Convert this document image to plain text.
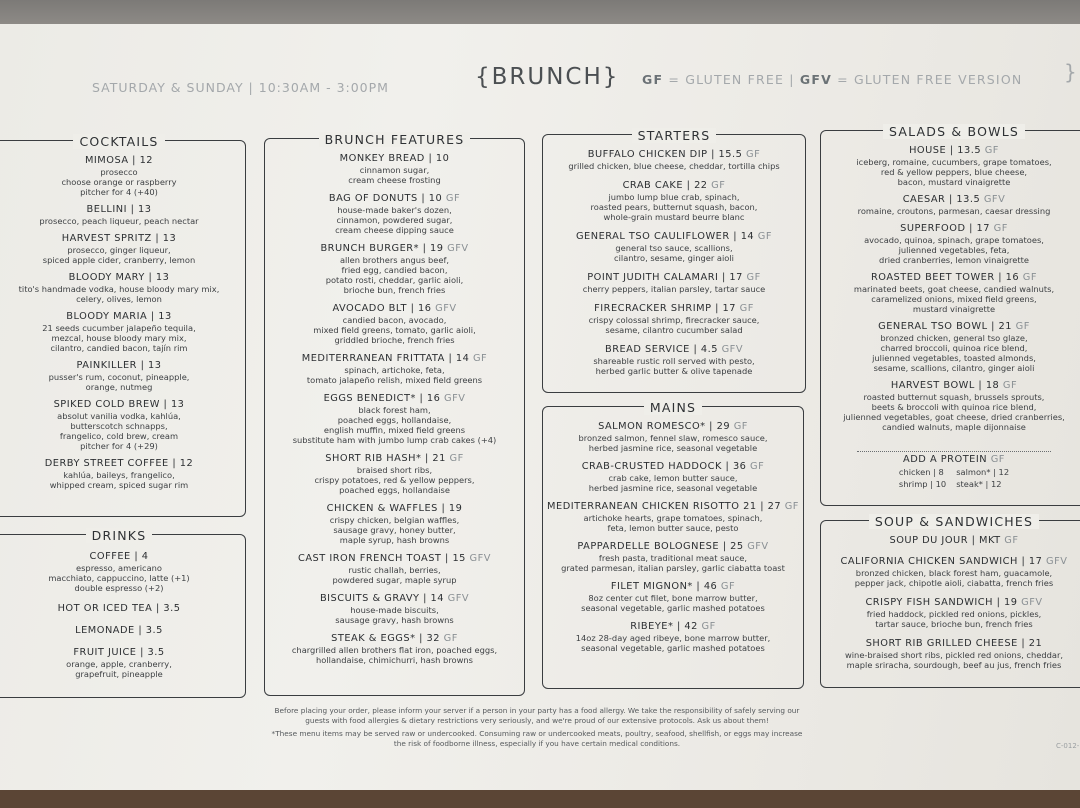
}
SATURDAY & SUNDAY | 10:30AM - 3:00PM	{BRUNCH} GF = GLUTEN FREE | GFV = GLUTEN FREE VERSION
COCKTAILS
MIMOSA | 12
prosecco
choose orange or raspberry
pitcher for 4 (+40)
BELLINI | 13
prosecco, peach liqueur, peach nectar
HARVEST SPRITZ | 13
prosecco, ginger liqueur,
spiced apple cider, cranberry, lemon
BLOODY MARY | 13
tito's handmade vodka, house bloody mary mix,
celery, olives, lemon
BLOODY MARIA | 13
21 seeds cucumber jalapeño tequila,
mezcal, house bloody mary mix,
cilantro, candied bacon, tajín rim
PAINKILLER | 13
pusser's rum, coconut, pineapple,
orange, nutmeg
SPIKED COLD BREW | 13
absolut vanilia vodka, kahlúa,
butterscotch schnapps,
frangelico, cold brew, cream
pitcher for 4 (+29)
DERBY STREET COFFEE | 12
kahlúa, baileys, frangelico,
whipped cream, spiced sugar rim
DRINKS
COFFEE | 4
espresso, americano
macchiato, cappuccino, latte (+1)
double espresso (+2)
HOT OR ICED TEA | 3.5
LEMONADE | 3.5
FRUIT JUICE | 3.5
orange, apple, cranberry,
grapefruit, pineapple
BRUNCH FEATURES
MONKEY BREAD | 10
cinnamon sugar,
cream cheese frosting
BAG OF DONUTS | 10 GF
house-made baker's dozen,
cinnamon, powdered sugar,
cream cheese dipping sauce
BRUNCH BURGER* | 19 GFV
allen brothers angus beef,
fried egg, candied bacon,
potato rosti, cheddar, garlic aioli,
brioche bun, french fries
AVOCADO BLT | 16 GFV
candied bacon, avocado,
mixed field greens, tomato, garlic aioli,
griddled brioche, french fries
MEDITERRANEAN FRITTATA | 14 GF
spinach, artichoke, feta,
tomato jalapeño relish, mixed field greens
EGGS BENEDICT* | 16 GFV
black forest ham,
poached eggs, hollandaise,
english muffin, mixed field greens
substitute ham with jumbo lump crab cakes (+4)
SHORT RIB HASH* | 21 GF
braised short ribs,
crispy potatoes, red & yellow peppers,
poached eggs, hollandaise
CHICKEN & WAFFLES | 19
crispy chicken, belgian waffles,
sausage gravy, honey butter,
maple syrup, hash browns
CAST IRON FRENCH TOAST | 15 GFV
rustic challah, berries,
powdered sugar, maple syrup
BISCUITS & GRAVY | 14 GFV
house-made biscuits,
sausage gravy, hash browns
STEAK & EGGS* | 32 GF
chargrilled allen brothers flat iron, poached eggs,
hollandaise, chimichurri, hash browns
STARTERS
BUFFALO CHICKEN DIP | 15.5 GF
grilled chicken, blue cheese, cheddar, tortilla chips
CRAB CAKE | 22 GF
jumbo lump blue crab, spinach,
roasted pears, butternut squash, bacon,
whole-grain mustard beurre blanc
GENERAL TSO CAULIFLOWER | 14 GF
general tso sauce, scallions,
cilantro, sesame, ginger aioli
POINT JUDITH CALAMARI | 17 GF
cherry peppers, italian parsley, tartar sauce
FIRECRACKER SHRIMP | 17 GF
crispy colossal shrimp, firecracker sauce,
sesame, cilantro cucumber salad
BREAD SERVICE | 4.5 GFV
shareable rustic roll served with pesto,
herbed garlic butter & olive tapenade
MAINS
SALMON ROMESCO* | 29 GF
bronzed salmon, fennel slaw, romesco sauce,
herbed jasmine rice, seasonal vegetable
CRAB-CRUSTED HADDOCK | 36 GF
crab cake, lemon butter sauce,
herbed jasmine rice, seasonal vegetable
MEDITERRANEAN CHICKEN RISOTTO 21 | 27 GF
artichoke hearts, grape tomatoes, spinach,
feta, lemon butter sauce, pesto
PAPPARDELLE BOLOGNESE | 25 GFV
fresh pasta, traditional meat sauce,
grated parmesan, italian parsley, garlic ciabatta toast
FILET MIGNON* | 46 GF
8oz center cut filet, bone marrow butter,
seasonal vegetable, garlic mashed potatoes
RIBEYE* | 42 GF
14oz 28-day aged ribeye, bone marrow butter,
seasonal vegetable, garlic mashed potatoes
SALADS & BOWLS
HOUSE | 13.5 GF
iceberg, romaine, cucumbers, grape tomatoes,
red & yellow peppers, blue cheese,
bacon, mustard vinaigrette
CAESAR | 13.5 GFV
romaine, croutons, parmesan, caesar dressing
SUPERFOOD | 17 GF
avocado, quinoa, spinach, grape tomatoes,
julienned vegetables, feta,
dried cranberries, lemon vinaigrette
ROASTED BEET TOWER | 16 GF
marinated beets, goat cheese, candied walnuts,
caramelized onions, mixed field greens,
mustard vinaigrette
GENERAL TSO BOWL | 21 GF
bronzed chicken, general tso glaze,
charred broccoli, quinoa rice blend,
julienned vegetables, toasted almonds,
sesame, scallions, cilantro, ginger aioli
HARVEST BOWL | 18 GF
roasted butternut squash, brussels sprouts,
beets & broccoli with quinoa rice blend,
julienned vegetables, goat cheese, dried cranberries,
candied walnuts, maple dijonnaise
ADD A PROTEIN GF
chicken | 8	salmon* | 12
shrimp | 10	steak* | 12
SOUP & SANDWICHES
SOUP DU JOUR | MKT GF
CALIFORNIA CHICKEN SANDWICH | 17 GFV
bronzed chicken, black forest ham, guacamole,
pepper jack, chipotle aioli, ciabatta, french fries
CRISPY FISH SANDWICH | 19 GFV
fried haddock, pickled red onions, pickles,
tartar sauce, brioche bun, french fries
SHORT RIB GRILLED CHEESE | 21
wine-braised short ribs, pickled red onions, cheddar,
maple sriracha, sourdough, beef au jus, french fries
Before placing your order, please inform your server if a person in your party has a food allergy. We take the responsibility of safely serving our
guests with food allergies & dietary restrictions very seriously, and we're proud of our extensive protocols. Ask us about them!
*These menu items may be served raw or undercooked. Consuming raw or undercooked meats, poultry, seafood, shellfish, or eggs may increase
the risk of foodborne illness, especially if you have certain medical conditions.	C-012-
